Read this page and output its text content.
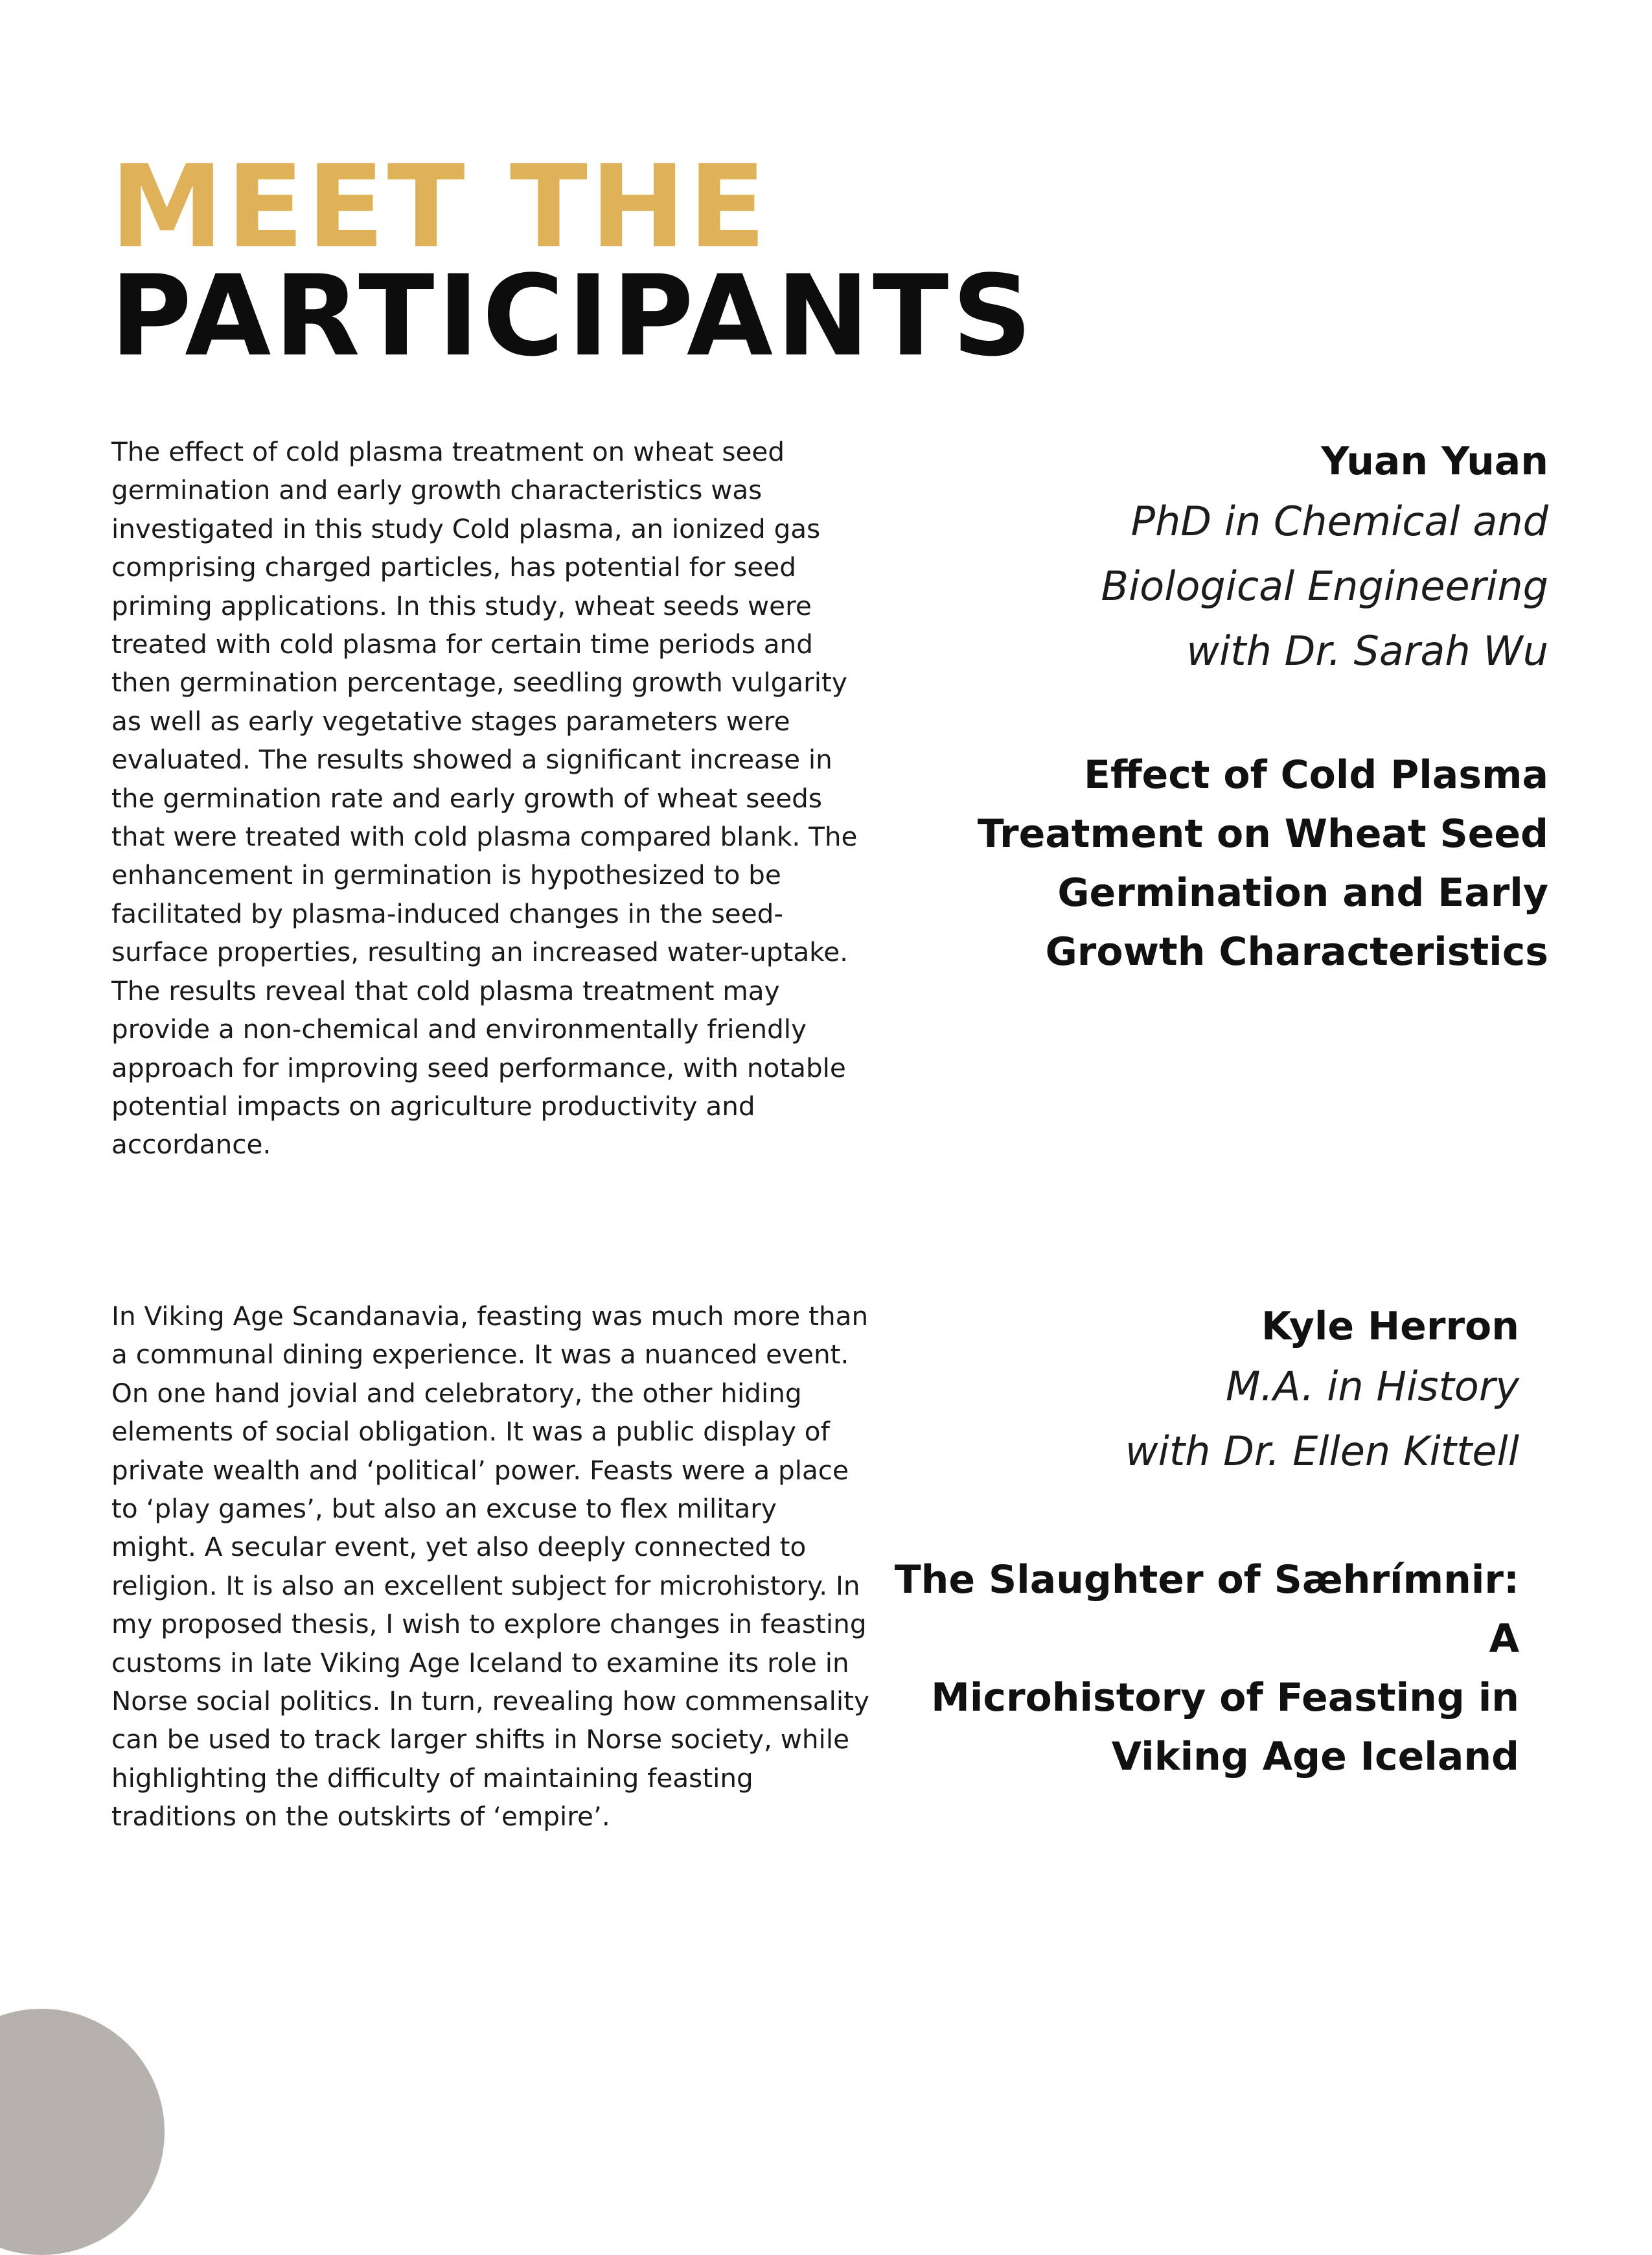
MEET THE
PARTICIPANTS

The effect of cold plasma treatment on wheat seed germination and early growth characteristics was investigated in this study Cold plasma, an ionized gas comprising charged particles, has potential for seed priming applications. In this study, wheat seeds were treated with cold plasma for certain time periods and then germination percentage, seedling growth vulgarity as well as early vegetative stages parameters were evaluated. The results showed a significant increase in the germination rate and early growth of wheat seeds that were treated with cold plasma compared blank. The enhancement in germination is hypothesized to be facilitated by plasma-induced changes in the seed-surface properties, resulting an increased water-uptake. The results reveal that cold plasma treatment may provide a non-chemical and environmentally friendly approach for improving seed performance, with notable potential impacts on agriculture productivity and accordance.

Yuan Yuan

PhD in Chemical and
Biological Engineering
with Dr. Sarah Wu
Effect of Cold Plasma
Treatment on Wheat Seed
Germination and Early
Growth Characteristics

In Viking Age Scandanavia, feasting was much more than a communal dining experience. It was a nuanced event. On one hand jovial and celebratory, the other hiding elements of social obligation. It was a public display of private wealth and ‘political’ power. Feasts were a place to ‘play games’, but also an excuse to flex military might. A secular event, yet also deeply connected to religion. It is also an excellent subject for microhistory. In my proposed thesis, I wish to explore changes in feasting customs in late Viking Age Iceland to examine its role in Norse social politics. In turn, revealing how commensality can be used to track larger shifts in Norse society, while highlighting the difficulty of maintaining feasting traditions on the outskirts of ‘empire’.

Kyle Herron

M.A. in History
with Dr. Ellen Kittell
The Slaughter of Sæhrímnir: A
Microhistory of Feasting in
Viking Age Iceland
